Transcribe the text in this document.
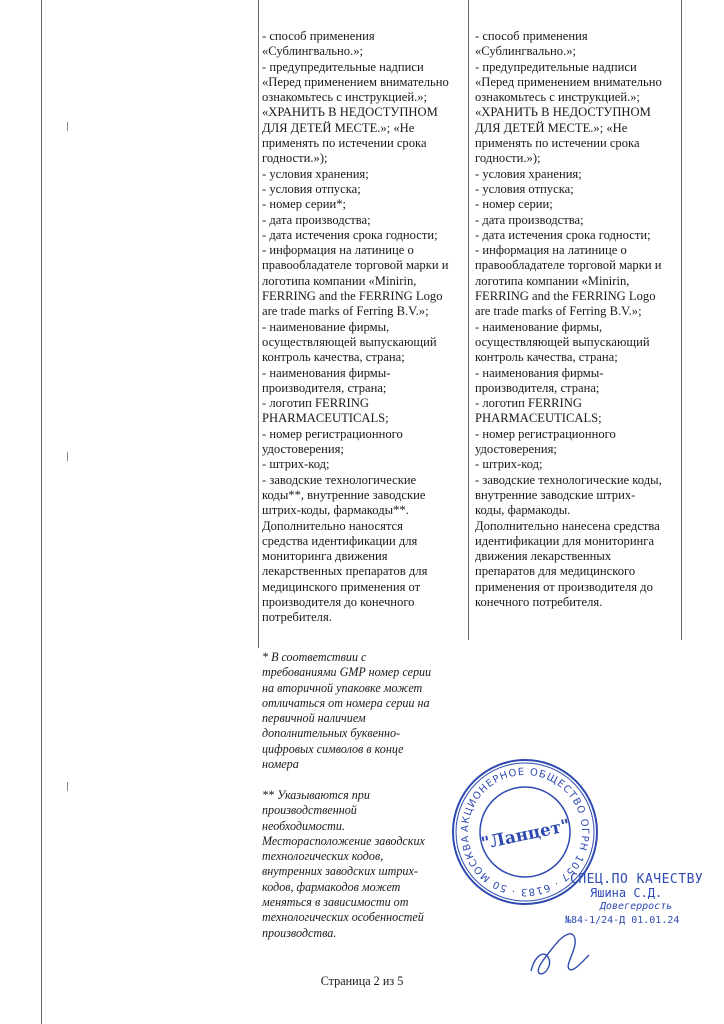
- способ применения
«Сублингвально.»;
- предупредительные надписи
«Перед применением внимательно
ознакомьтесь с инструкцией.»;
«ХРАНИТЬ В НЕДОСТУПНОМ
ДЛЯ ДЕТЕЙ МЕСТЕ.»; «Не
применять по истечении срока
годности.»);
- условия хранения;
- условия отпуска;
- номер серии*;
- дата производства;
- дата истечения срока годности;
- информация на латинице о
правообладателе торговой марки и
логотипа компании «Minirin,
FERRING and the FERRING Logo
are trade marks of Ferring B.V.»;
- наименование фирмы,
осуществляющей выпускающий
контроль качества, страна;
- наименования фирмы-
производителя, страна;
- логотип FERRING
PHARMACEUTICALS;
- номер регистрационного
удостоверения;
- штрих-код;
- заводские технологические
коды**, внутренние заводские
штрих-коды, фармакоды**.
Дополнительно наносятся
средства идентификации для
мониторинга движения
лекарственных препаратов для
медицинского применения от
производителя до конечного
потребителя.
- способ применения
«Сублингвально.»;
- предупредительные надписи
«Перед применением внимательно
ознакомьтесь с инструкцией.»;
«ХРАНИТЬ В НЕДОСТУПНОМ
ДЛЯ ДЕТЕЙ МЕСТЕ.»; «Не
применять по истечении срока
годности.»);
- условия хранения;
- условия отпуска;
- номер серии;
- дата производства;
- дата истечения срока годности;
- информация на латинице о
правообладателе торговой марки и
логотипа компании «Minirin,
FERRING and the FERRING Logo
are trade marks of Ferring B.V.»;
- наименование фирмы,
осуществляющей выпускающий
контроль качества, страна;
- наименования фирмы-
производителя, страна;
- логотип FERRING
PHARMACEUTICALS;
- номер регистрационного
удостоверения;
- штрих-код;
- заводские технологические коды,
внутренние заводские штрих-
коды, фармакоды.
Дополнительно нанесена средства
идентификации для мониторинга
движения лекарственных
препаратов для медицинского
применения от производителя до
конечного потребителя.
* В соответствии с
требованиями GMP номер серии
на вторичной упаковке может
отличаться от номера серии на
первичной наличием
дополнительных буквенно-
цифровых символов в конце
номера
** Указываются при
производственной
необходимости.
Месторасположение заводских
технологических кодов,
внутренних заводских штрих-
кодов, фармакодов может
меняться в зависимости от
технологических особенностей
производства.
АКЦИОНЕРНОЕ ОБЩЕСТВО ОГРН 1057 · 6183 · 50 МОСКВА "Ланцет"
СПЕЦ.ПО КАЧЕСТВУ
Яшина С.Д.
Довегеррость
№84-1/24-Д 01.01.24
Страница 2 из 5
